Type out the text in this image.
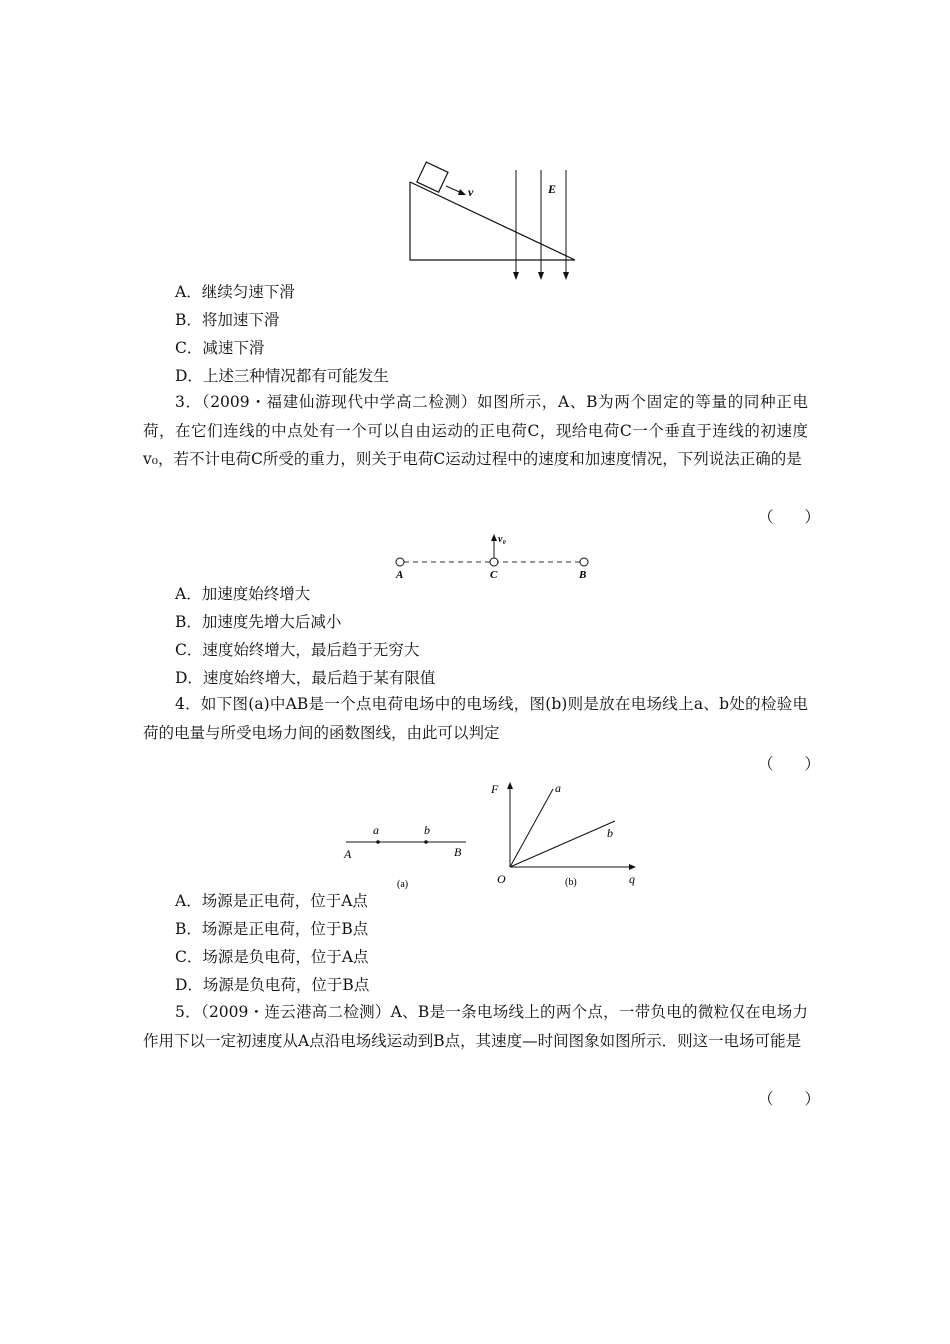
v	E
A．继续匀速下滑
B．将加速下滑
C．减速下滑
D．上述三种情况都有可能发生
3．（2009・福建仙游现代中学高二检测）如图所示，A、B为两个固定的等量的同种正电荷，在它们连线的中点处有一个可以自由运动的正电荷C，现给电荷C一个垂直于连线的初速度v₀，若不计电荷C所受的重力，则关于电荷C运动过程中的速度和加速度情况，下列说法正确的是
（　　）
v₀
A	C	B
A．加速度始终增大
B．加速度先增大后减小
C．速度始终增大，最后趋于无穷大
D．速度始终增大，最后趋于某有限值
4．如下图(a)中AB是一个点电荷电场中的电场线，图(b)则是放在电场线上a、b处的检验电荷的电量与所受电场力间的函数图线，由此可以判定
（　　）
a	b
A	B
(a)
F
q
O
a
b
(b)
A．场源是正电荷，位于A点
B．场源是正电荷，位于B点
C．场源是负电荷，位于A点
D．场源是负电荷，位于B点
5．（2009・连云港高二检测）A、B是一条电场线上的两个点，一带负电的微粒仅在电场力作用下以一定初速度从A点沿电场线运动到B点，其速度—时间图象如图所示．则这一电场可能是
（　　）
